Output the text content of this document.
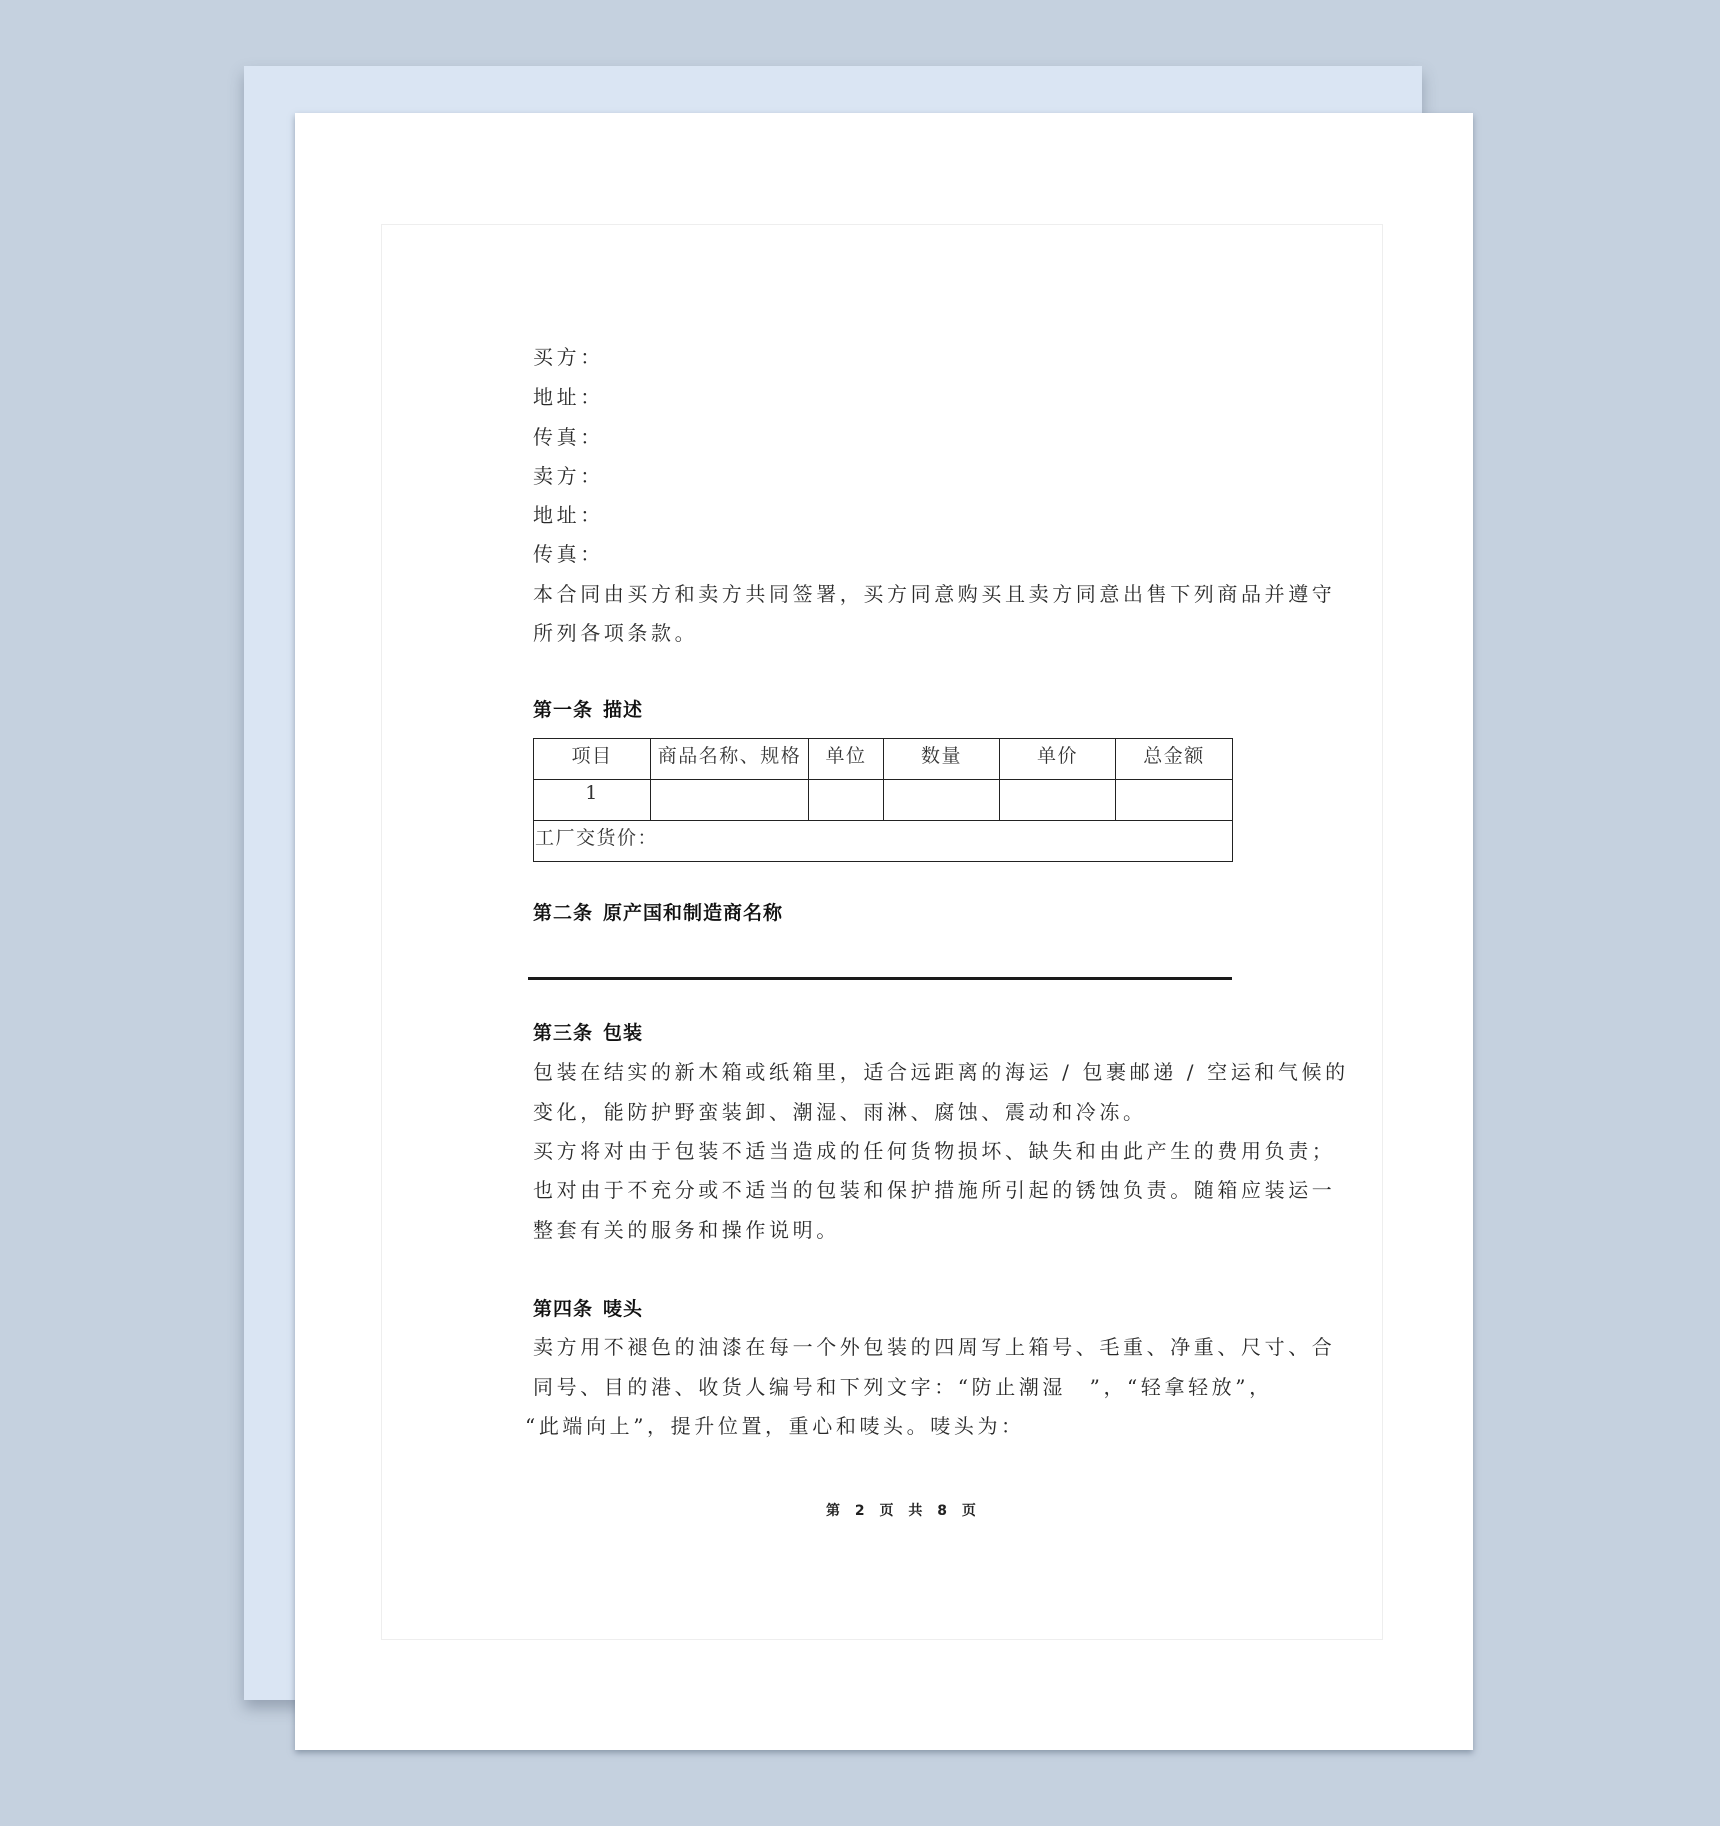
买方：
地址：
传真：
卖方：
地址：
传真：
本合同由买方和卖方共同签署，买方同意购买且卖方同意出售下列商品并遵守
所列各项条款。
第一条 描述
项目	商品名称、规格	单位	数量	单价	总金额
1					
工厂交货价：					
第二条 原产国和制造商名称
第三条 包装
包装在结实的新木箱或纸箱里，适合远距离的海运 / 包裹邮递 / 空运和气候的
变化，能防护野蛮装卸、潮湿、雨淋、腐蚀、震动和冷冻。
买方将对由于包装不适当造成的任何货物损坏、缺失和由此产生的费用负责；
也对由于不充分或不适当的包装和保护措施所引起的锈蚀负责。随箱应装运一
整套有关的服务和操作说明。
第四条 唛头
卖方用不褪色的油漆在每一个外包装的四周写上箱号、毛重、净重、尺寸、合
同号、目的港、收货人编号和下列文字：“防止潮湿　”，“轻拿轻放”，
“此端向上”，提升位置，重心和唛头。唛头为：
第 2 页 共 8 页
